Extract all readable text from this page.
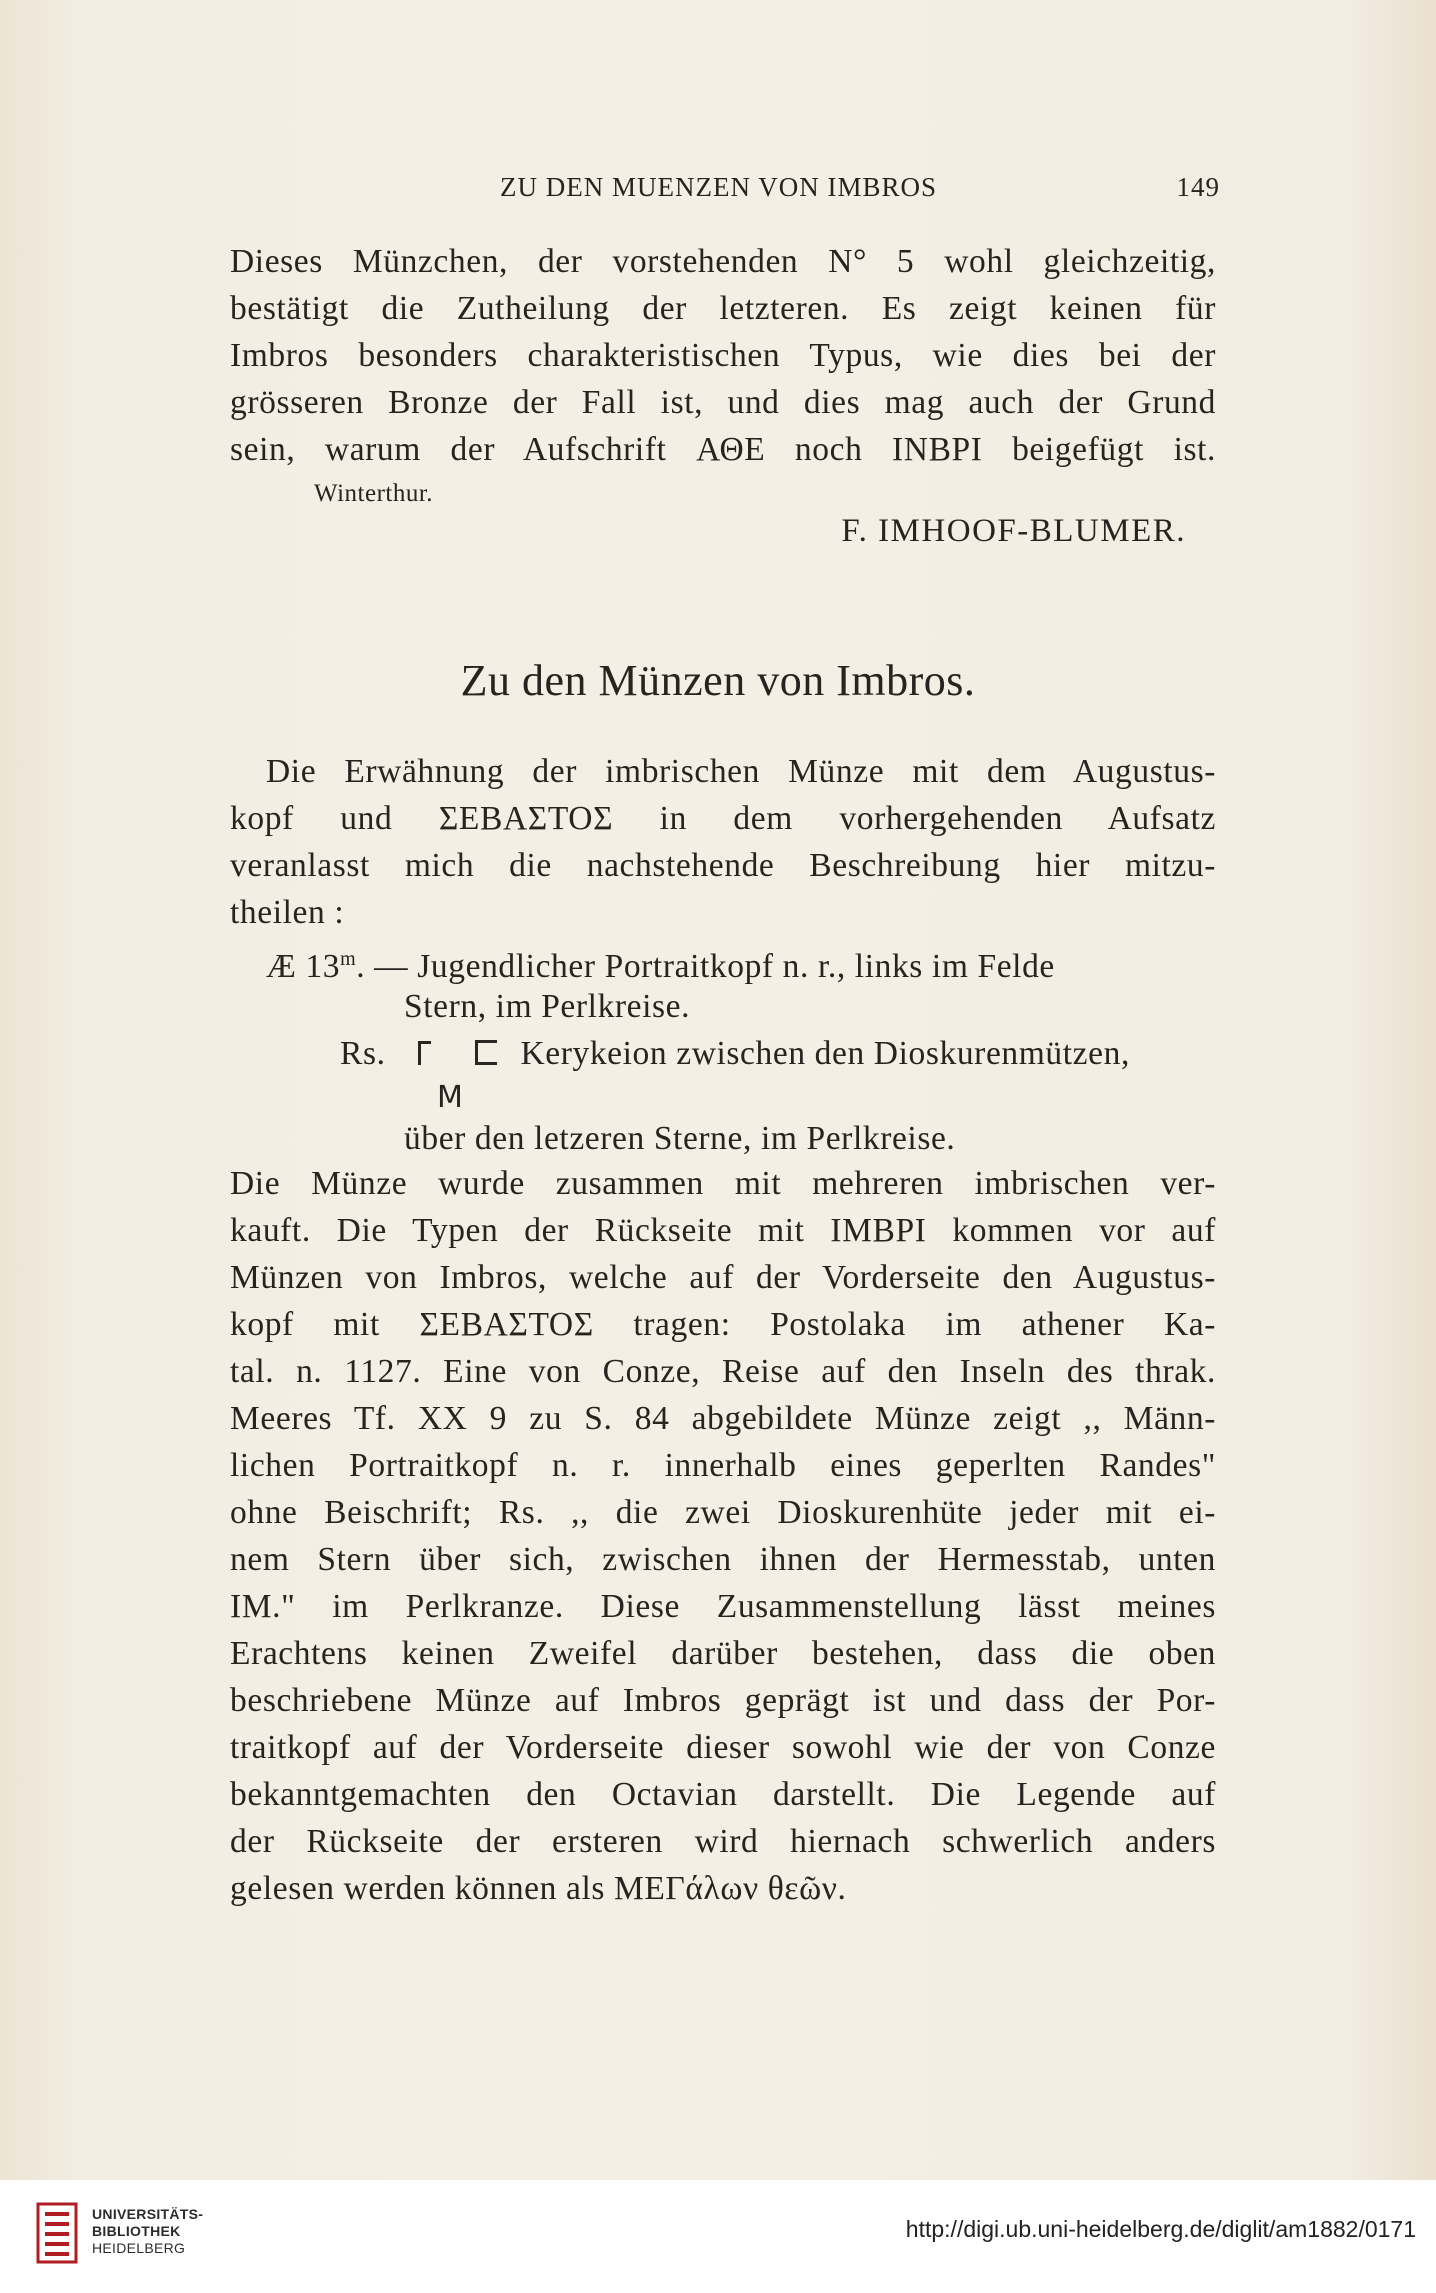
ZU DEN MUENZEN VON IMBROS	149
Dieses Münzchen, der vorstehenden N° 5 wohl gleichzeitig,
bestätigt die Zutheilung der letzteren. Es zeigt keinen für
Imbros besonders charakteristischen Typus, wie dies bei der
grösseren Bronze der Fall ist, und dies mag auch der Grund
sein, warum der Aufschrift ΑΘΕ noch ΙΝΒΡΙ beigefügt ist.
Winterthur.
F. IMHOOF-BLUMER.
Zu den Münzen von Imbros.
Die Erwähnung der imbrischen Münze mit dem Augustus-
kopf und ΣΕΒΑΣΤΟΣ in dem vorhergehenden Aufsatz
veranlasst mich die nachstehende Beschreibung hier mitzu-
theilen :
Æ 13$^m$. — Jugendlicher Portraitkopf n. r., links im Felde
Stern, im Perlkreise.
Rs.	Kerykeion zwischen den Dioskurenmützen,
Μ
über den letzeren Sterne, im Perlkreise.
Die Münze wurde zusammen mit mehreren imbrischen ver-
kauft. Die Typen der Rückseite mit ΙΜΒΡΙ kommen vor auf
Münzen von Imbros, welche auf der Vorderseite den Augustus-
kopf mit ΣΕΒΑΣΤΟΣ tragen: Postolaka im athener Ka-
tal. n. 1127. Eine von Conze, Reise auf den Inseln des thrak.
Meeres Tf. XX 9 zu S. 84 abgebildete Münze zeigt ,, Männ-
lichen Portraitkopf n. r. innerhalb eines geperlten Randes"
ohne Beischrift; Rs. ,, die zwei Dioskurenhüte jeder mit ei-
nem Stern über sich, zwischen ihnen der Hermesstab, unten
ΙΜ." im Perlkranze. Diese Zusammenstellung lässt meines
Erachtens keinen Zweifel darüber bestehen, dass die oben
beschriebene Münze auf Imbros geprägt ist und dass der Por-
traitkopf auf der Vorderseite dieser sowohl wie der von Conze
bekanntgemachten den Octavian darstellt. Die Legende auf
der Rückseite der ersteren wird hiernach schwerlich anders
gelesen werden können als ΜΕΓάλων θεῶν.
UNIVERSITÄTS-
BIBLIOTHEK
HEIDELBERG
http://digi.ub.uni-heidelberg.de/diglit/am1882/0171
